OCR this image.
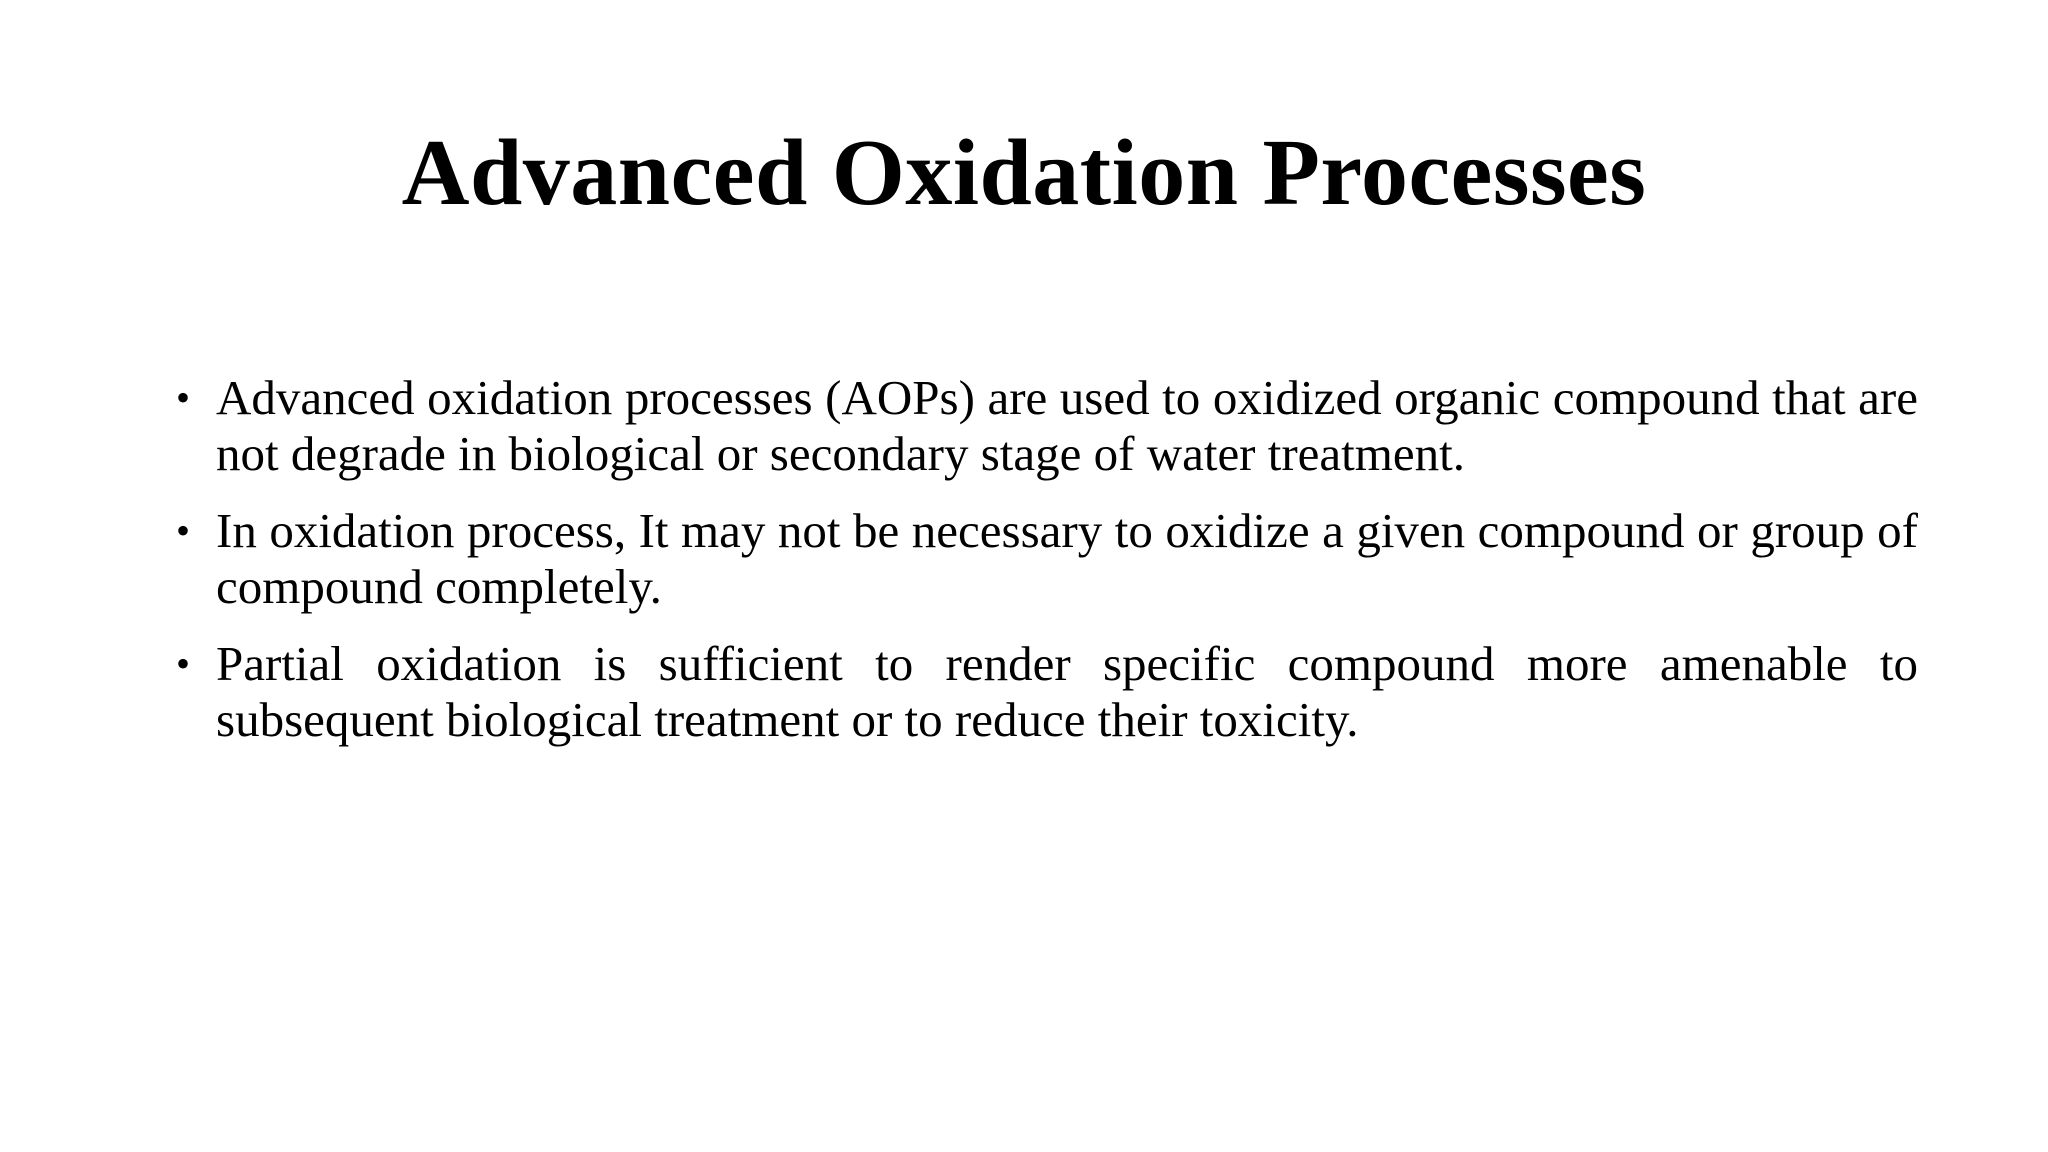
Advanced Oxidation Processes
• Advanced oxidation processes (AOPs) are used to oxidized organic compound that are not degrade in biological or secondary stage of water treatment.
• In oxidation process, It may not be necessary to oxidize a given compound or group of compound completely.
• Partial oxidation is sufficient to render specific compound more amenable to subsequent biological treatment or to reduce their toxicity.
